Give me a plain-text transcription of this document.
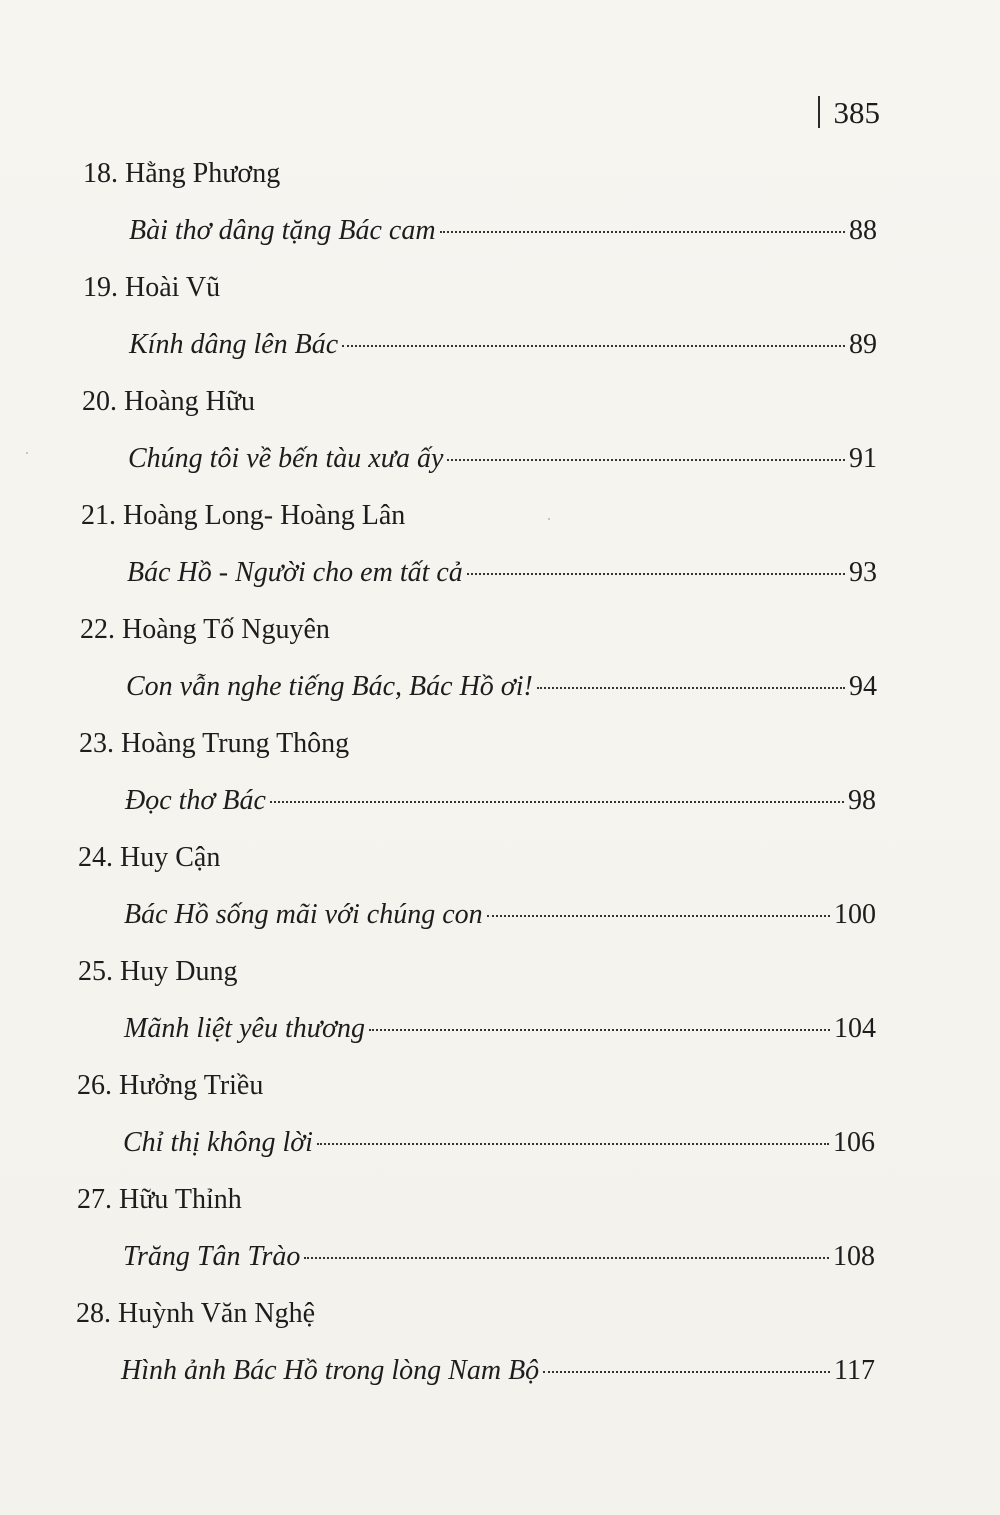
385
18. Hằng Phương
Bài thơ dâng tặng Bác cam	88
19. Hoài Vũ
Kính dâng lên Bác	89
20. Hoàng Hữu
Chúng tôi về bến tàu xưa ấy	91
21. Hoàng Long- Hoàng Lân
Bác Hồ - Người cho em tất cả	93
22. Hoàng Tố Nguyên
Con vẫn nghe tiếng Bác, Bác Hồ ơi!	94
23. Hoàng Trung Thông
Đọc thơ Bác	98
24. Huy Cận
Bác Hồ sống mãi với chúng con	100
25. Huy Dung
Mãnh liệt yêu thương	104
26. Hưởng Triều
Chỉ thị không lời	106
27. Hữu Thỉnh
Trăng Tân Trào	108
28. Huỳnh Văn Nghệ
Hình ảnh Bác Hồ trong lòng Nam Bộ	117
